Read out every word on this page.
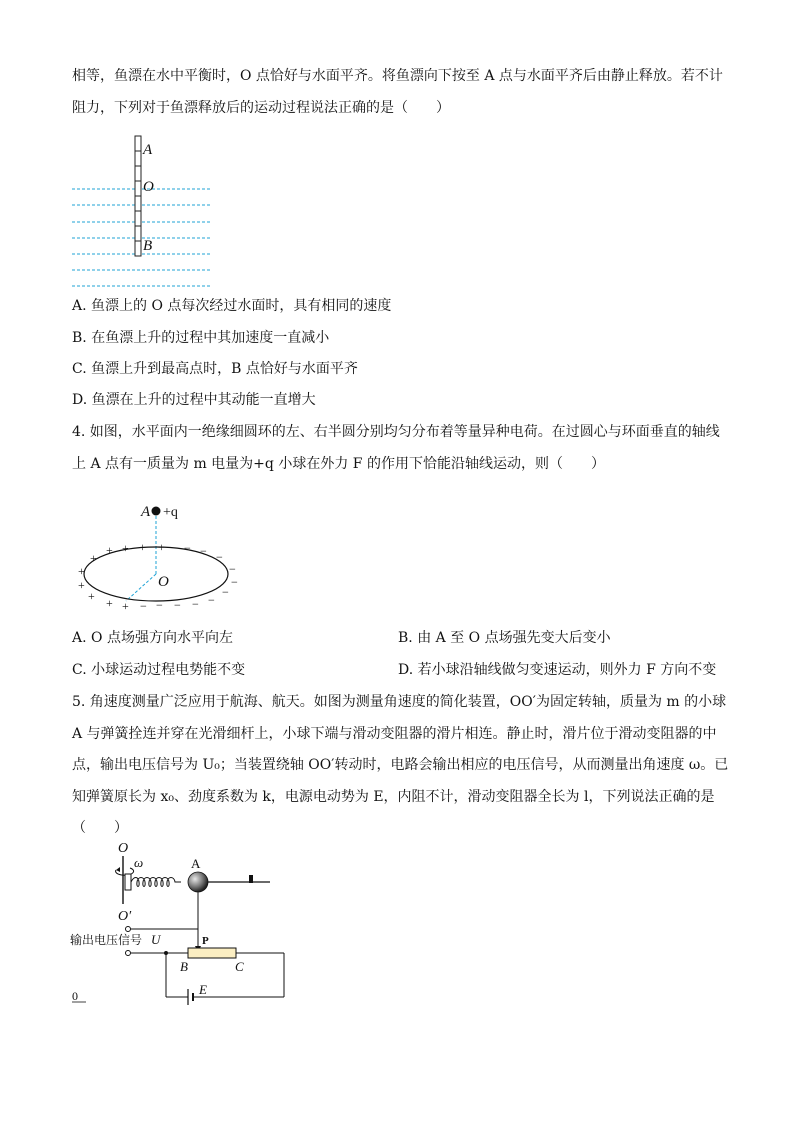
相等，鱼漂在水中平衡时，O 点恰好与水面平齐。将鱼漂向下按至 A 点与水面平齐后由静止释放。若不计
阻力，下列对于鱼漂释放后的运动过程说法正确的是（　　）
A
O
B
A. 鱼漂上的 O 点每次经过水面时，具有相同的速度
B. 在鱼漂上升的过程中其加速度一直减小
C. 鱼漂上升到最高点时，B 点恰好与水面平齐
D. 鱼漂在上升的过程中其动能一直增大
4. 如图，水平面内一绝缘细圆环的左、右半圆分别均匀分布着等量异种电荷。在过圆心与环面垂直的轴线
上 A 点有一质量为 m 电量为+q 小球在外力 F 的作用下恰能沿轴线运动，则（　　）
A +q
O
+
+
+
+
+ + +
+ + + − − −
−
−
−
−
−
−
−
−
A. O 点场强方向水平向左	B. 由 A 至 O 点场强先变大后变小
C. 小球运动过程电势能不变	D. 若小球沿轴线做匀变速运动，则外力 F 方向不变
5. 角速度测量广泛应用于航海、航天。如图为测量角速度的简化装置，OO′为固定转轴，质量为 m 的小球
A 与弹簧拴连并穿在光滑细杆上，小球下端与滑动变阻器的滑片相连。静止时，滑片位于滑动变阻器的中
点，输出电压信号为 U₀；当装置绕轴 OO′转动时，电路会输出相应的电压信号，从而测量出角速度 ω。已
知弹簧原长为 x₀、劲度系数为 k，电源电动势为 E，内阻不计，滑动变阻器全长为 l，下列说法正确的是
（　　）
O
O′
ω	A
P
输出电压信号 U
B	C
E
0
